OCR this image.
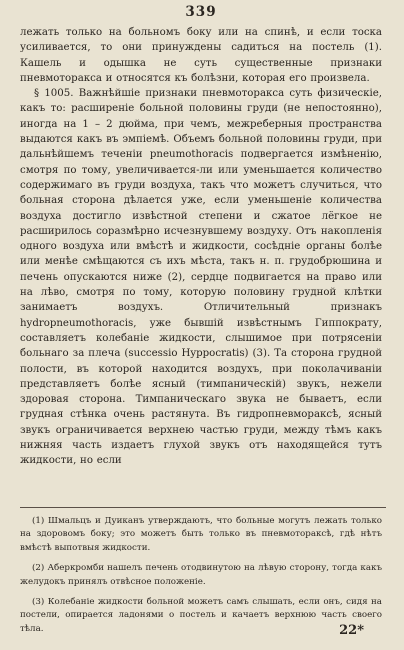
339

лежать только на больномъ боку или на спинѣ, и если тоска усиливается, то они принуждены садиться на постель (1). Кашель и одышка не суть существенные признаки пневмоторакса и относятся къ болѣзни, которая его произвела.

§ 1005. Важнѣйшіе признаки пневмоторакса суть физическіе, какъ то: расширеніе больной половины груди (не непостоянно), иногда на 1 – 2 дюйма, при чемъ, межреберныя пространства выдаются какъ въ эмпіемѣ. Объемъ больной половины груди, при дальнѣйшемъ теченіи pneumothoracis подвергается измѣненію, смотря по тому, увеличивается-ли или уменьшается количество содержимаго въ груди воздуха, такъ что можетъ случиться, что больная сторона дѣлается уже, если уменьшеніе количества воздуха достигло извѣстной степени и сжатое лёгкое не расширилось соразмѣрно исчезнувшему воздуху. Отъ накопленія одного воздуха или вмѣстѣ и жидкости, сосѣдніе органы болѣе или менѣе смѣщаются съ ихъ мѣста, такъ н. п. грудобрюшина и печень опускаются ниже (2), сердце подвигается на право или на лѣво, смотря по тому, которую половину грудной клѣтки занимаетъ воздухъ. Отличительный признакъ hydropneumothoracis, уже бывшій извѣстнымъ Гиппократу, составляетъ колебаніе жидкости, слышимое при потрясеніи больнаго за плеча (successio Hyppocratis) (3). Та сторона грудной полости, въ которой находится воздухъ, при поколачиваніи представляетъ болѣе ясный (тимпаническій) звукъ, нежели здоровая сторона. Тимпаническаго звука не бываетъ, если грудная стѣнка очень растянута. Въ гидропневмораксѣ, ясный звукъ ограничивается верхнею частью груди, между тѣмъ какъ нижняя часть издаетъ глухой звукъ отъ находящейся тутъ жидкости, но если

(1) Шмальцъ и Дуиканъ утверждаютъ, что больные могутъ лежать только на здоровомъ боку; это можетъ быть только въ пневмотораксѣ, гдѣ нѣтъ вмѣстѣ выпотвыя жидкости.

(2) Аберкромби нашелъ печень отодвинутою на лѣвую сторону, тогда какъ желудокъ принялъ отвѣсное положеніе.

(3) Колебаніе жидкости больной можетъ самъ слышать, если онъ, сидя на постели, опирается ладонями о постель и качаетъ верхнюю часть своего тѣла.	22*
